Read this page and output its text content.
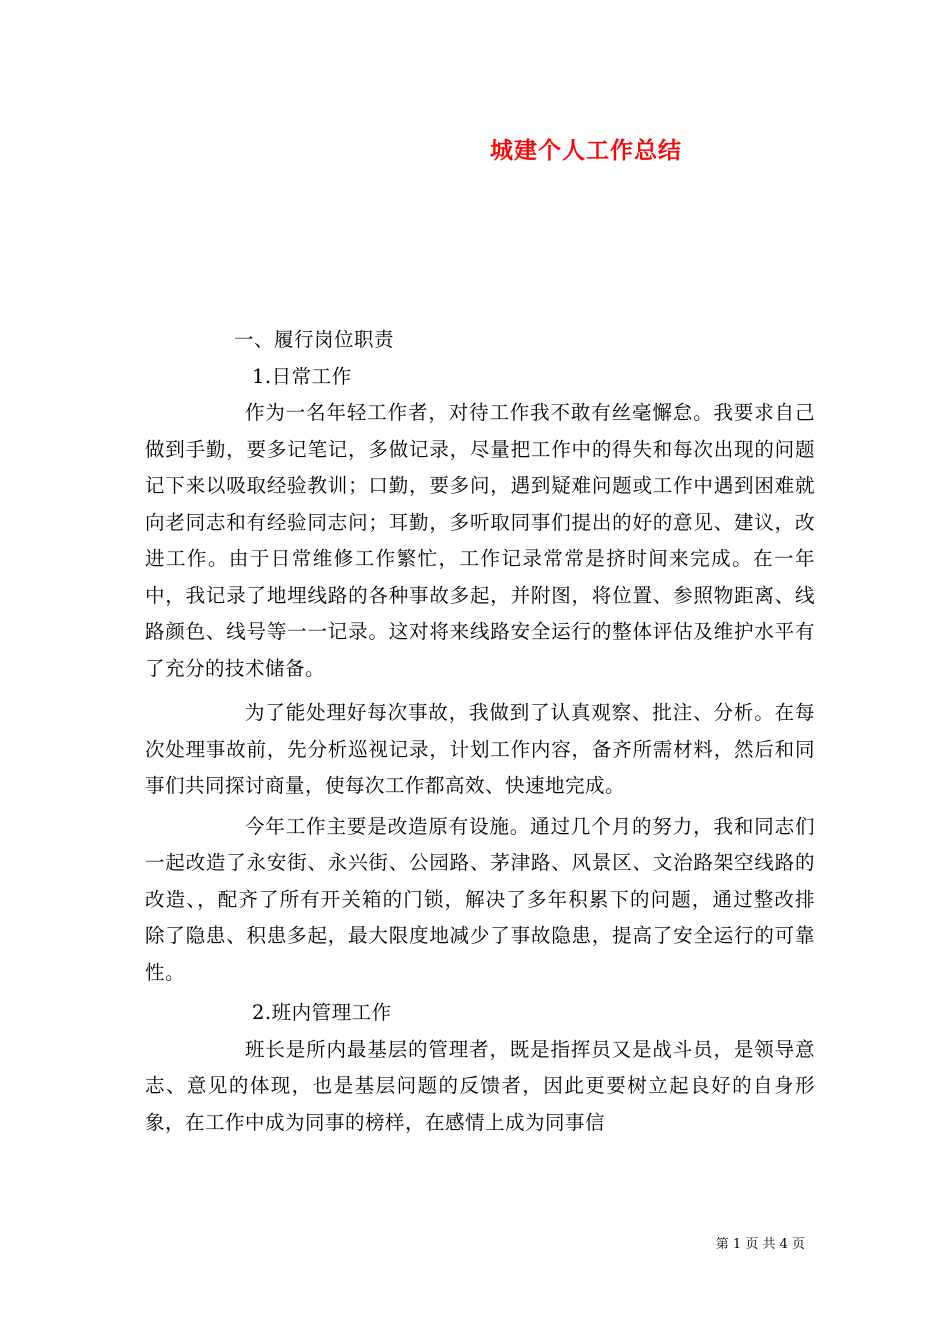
城建个人工作总结

一、履行岗位职责

1.日常工作

作为一名年轻工作者，对待工作我不敢有丝毫懈怠。我要求自己做到手勤，要多记笔记，多做记录，尽量把工作中的得失和每次出现的问题记下来以吸取经验教训；口勤，要多问，遇到疑难问题或工作中遇到困难就向老同志和有经验同志问；耳勤，多听取同事们提出的好的意见、建议，改进工作。由于日常维修工作繁忙，工作记录常常是挤时间来完成。在一年中，我记录了地埋线路的各种事故多起，并附图，将位置、参照物距离、线路颜色、线号等一一记录。这对将来线路安全运行的整体评估及维护水平有了充分的技术储备。

为了能处理好每次事故，我做到了认真观察、批注、分析。在每次处理事故前，先分析巡视记录，计划工作内容，备齐所需材料，然后和同事们共同探讨商量，使每次工作都高效、快速地完成。

今年工作主要是改造原有设施。通过几个月的努力，我和同志们一起改造了永安街、永兴街、公园路、茅津路、风景区、文治路架空线路的改造、，配齐了所有开关箱的门锁，解决了多年积累下的问题，通过整改排除了隐患、积患多起，最大限度地减少了事故隐患，提高了安全运行的可靠性。

2.班内管理工作

班长是所内最基层的管理者，既是指挥员又是战斗员，是领导意志、意见的体现，也是基层问题的反馈者，因此更要树立起良好的自身形象，在工作中成为同事的榜样，在感情上成为同事信

第 1 页 共 4 页
